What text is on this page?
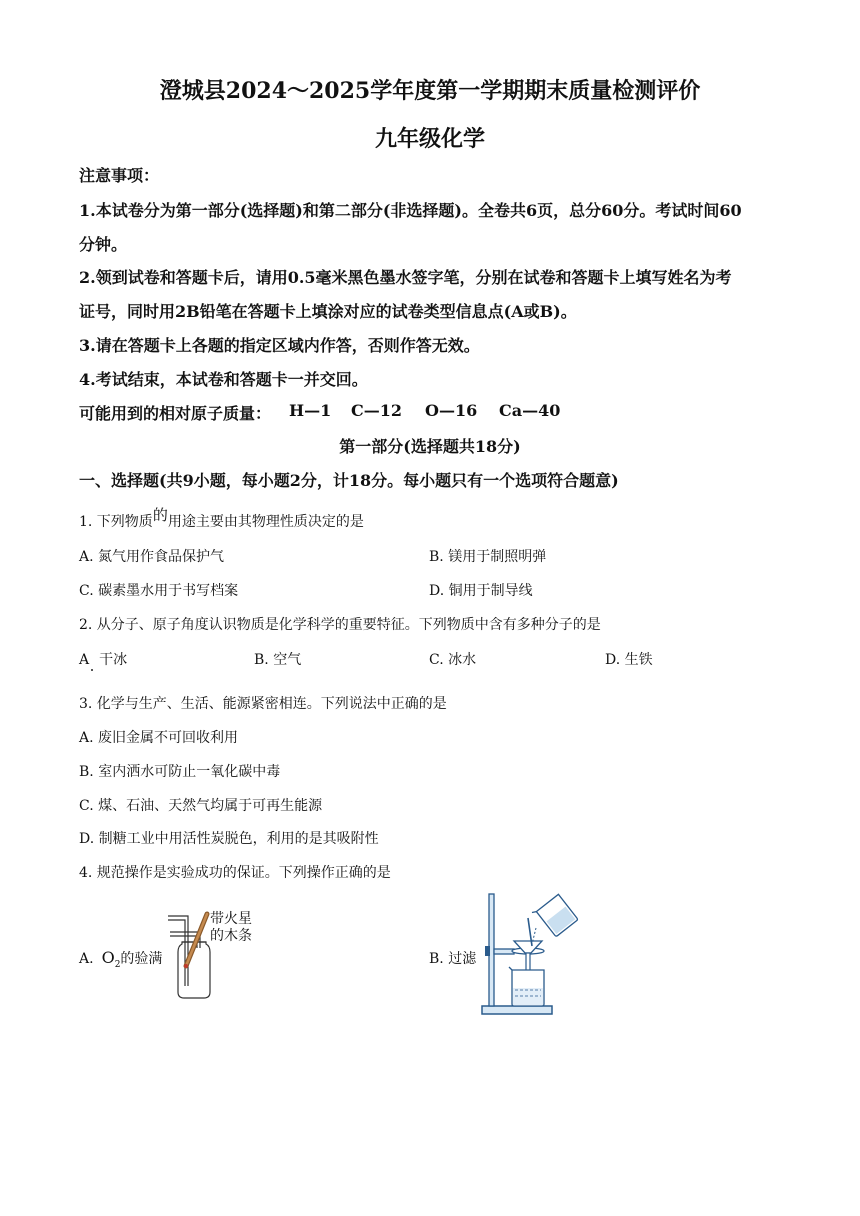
澄城县2024～2025学年度第一学期期末质量检测评价
九年级化学
注意事项：
1.本试卷分为第一部分(选择题)和第二部分(非选择题)。全卷共6页，总分60分。考试时间60
分钟。
2.领到试卷和答题卡后，请用0.5毫米黑色墨水签字笔，分别在试卷和答题卡上填写姓名为考
证号，同时用2B铅笔在答题卡上填涂对应的试卷类型信息点(A或B)。
3.请在答题卡上各题的指定区域内作答，否则作答无效。
4.考试结束，本试卷和答题卡一并交回。
可能用到的相对原子质量： H—1 C—12 O—16 Ca—40
第一部分(选择题共18分)
一、选择题(共9小题，每小题2分，计18分。每小题只有一个选项符合题意)
1. 下列物质的用途主要由其物理性质决定的是
A. 氮气用作食品保护气	B. 镁用于制照明弹
C. 碳素墨水用于书写档案	D. 铜用于制导线
2. 从分子、原子角度认识物质是化学科学的重要特征。下列物质中含有多种分子的是
A 干冰	B. 空气	C. 冰水	D. 生铁
3. 化学与生产、生活、能源紧密相连。下列说法中正确的是
A. 废旧金属不可回收利用
B. 室内洒水可防止一氧化碳中毒
C. 煤、石油、天然气均属于可再生能源
D. 制糖工业中用活性炭脱色，利用的是其吸附性
4. 规范操作是实验成功的保证。下列操作正确的是
A. $O_2$的验满
带火星
的木条
B. 过滤
